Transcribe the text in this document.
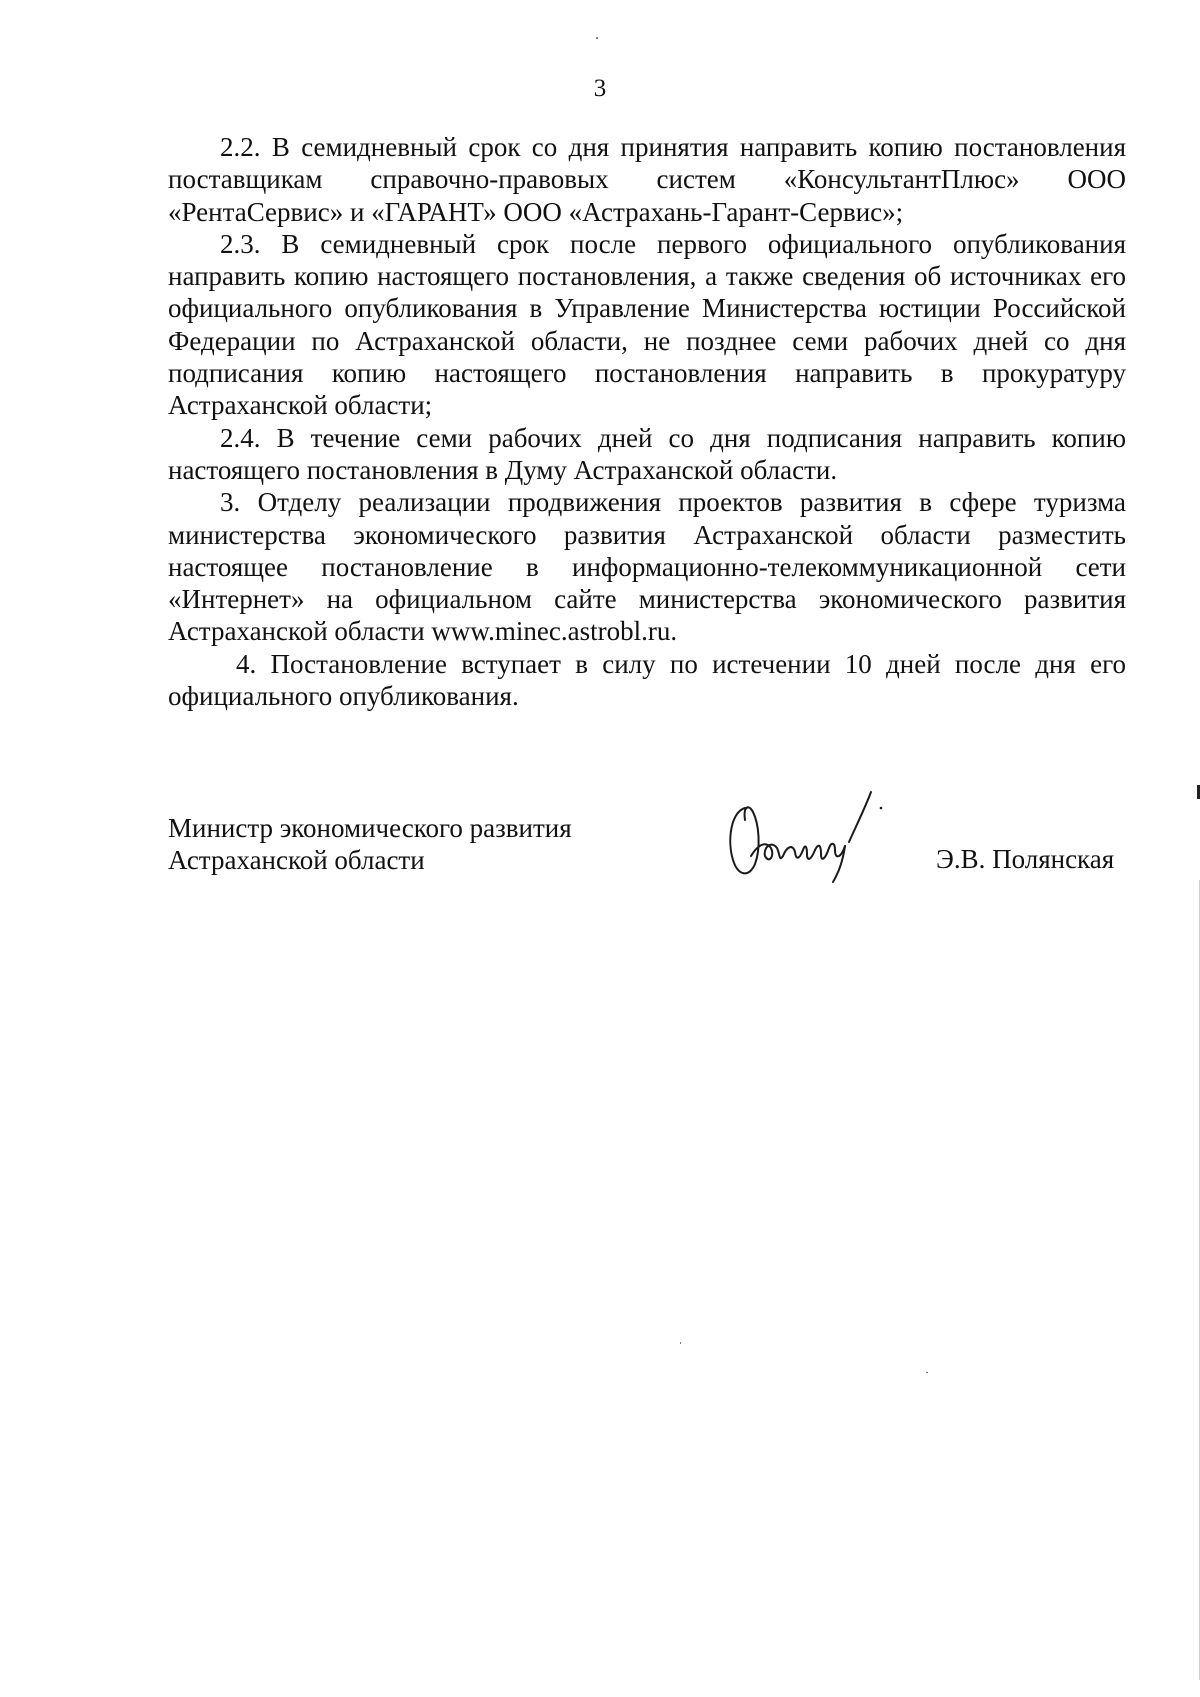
3

2.2. В семидневный срок со дня принятия направить копию постановления поставщикам справочно-правовых систем «КонсультантПлюс» ООО «РентаСервис» и «ГАРАНТ» ООО «Астрахань-Гарант-Сервис»;

2.3. В семидневный срок после первого официального опубликования направить копию настоящего постановления, а также сведения об источниках его официального опубликования в Управление Министерства юстиции Российской Федерации по Астраханской области, не позднее семи рабочих дней со дня подписания копию настоящего постановления направить в прокуратуру Астраханской области;

2.4. В течение семи рабочих дней со дня подписания направить копию настоящего постановления в Думу Астраханской области.

3. Отделу реализации продвижения проектов развития в сфере туризма министерства экономического развития Астраханской области разместить настоящее постановление в информационно-телекоммуникационной сети «Интернет» на официальном сайте министерства экономического развития Астраханской области www.minec.astrobl.ru.

4. Постановление вступает в силу по истечении 10 дней после дня его официального опубликования.

Министр экономического развития
Астраханской области	Э.В. Полянская
